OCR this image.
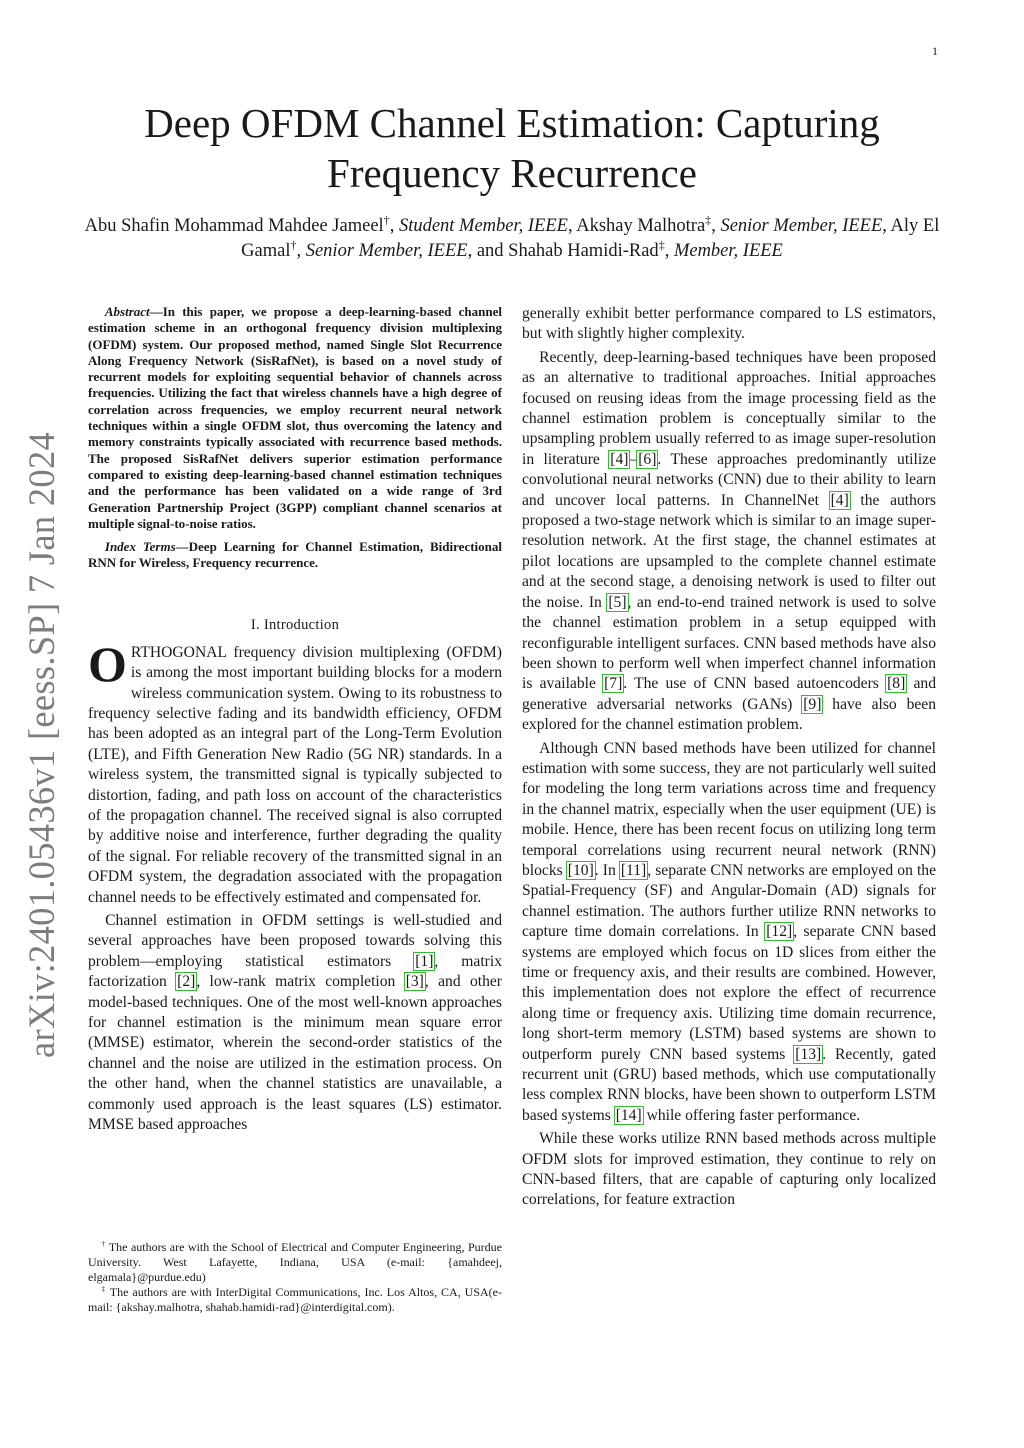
1
arXiv:2401.05436v1 [eess.SP] 7 Jan 2024
Deep OFDM Channel Estimation: Capturing
Frequency Recurrence
Abu Shafin Mohammad Mahdee Jameel†, Student Member, IEEE, Akshay Malhotra‡, Senior Member, IEEE, Aly El Gamal†, Senior Member, IEEE, and Shahab Hamidi-Rad‡, Member, IEEE

Abstract—In this paper, we propose a deep-learning-based channel estimation scheme in an orthogonal frequency division multiplexing (OFDM) system. Our proposed method, named Single Slot Recurrence Along Frequency Network (SisRafNet), is based on a novel study of recurrent models for exploiting sequential behavior of channels across frequencies. Utilizing the fact that wireless channels have a high degree of correlation across frequencies, we employ recurrent neural network techniques within a single OFDM slot, thus overcoming the latency and memory constraints typically associated with recurrence based methods. The proposed SisRafNet delivers superior estimation performance compared to existing deep-learning-based channel estimation techniques and the performance has been validated on a wide range of 3rd Generation Partnership Project (3GPP) compliant channel scenarios at multiple signal-to-noise ratios.

Index Terms—Deep Learning for Channel Estimation, Bidirectional RNN for Wireless, Frequency recurrence.

I. Introduction

ORTHOGONAL frequency division multiplexing (OFDM) is among the most important building blocks for a modern wireless communication system. Owing to its robustness to frequency selective fading and its bandwidth efficiency, OFDM has been adopted as an integral part of the Long-Term Evolution (LTE), and Fifth Generation New Radio (5G NR) standards. In a wireless system, the transmitted signal is typically subjected to distortion, fading, and path loss on account of the characteristics of the propagation channel. The received signal is also corrupted by additive noise and interference, further degrading the quality of the signal. For reliable recovery of the transmitted signal in an OFDM system, the degradation associated with the propagation channel needs to be effectively estimated and compensated for.

Channel estimation in OFDM settings is well-studied and several approaches have been proposed towards solving this problem—employing statistical estimators [1], matrix factorization [2], low-rank matrix completion [3], and other model-based techniques. One of the most well-known approaches for channel estimation is the minimum mean square error (MMSE) estimator, wherein the second-order statistics of the channel and the noise are utilized in the estimation process. On the other hand, when the channel statistics are unavailable, a commonly used approach is the least squares (LS) estimator. MMSE based approaches

† The authors are with the School of Electrical and Computer Engineering, Purdue University. West Lafayette, Indiana, USA (e-mail: {amahdeej, elgamala}@purdue.edu)

‡ The authors are with InterDigital Communications, Inc. Los Altos, CA, USA(e-mail: {akshay.malhotra, shahab.hamidi-rad}@interdigital.com).

generally exhibit better performance compared to LS estimators, but with slightly higher complexity.

Recently, deep-learning-based techniques have been proposed as an alternative to traditional approaches. Initial approaches focused on reusing ideas from the image processing field as the channel estimation problem is conceptually similar to the upsampling problem usually referred to as image super-resolution in literature [4]–[6]. These approaches predominantly utilize convolutional neural networks (CNN) due to their ability to learn and uncover local patterns. In ChannelNet [4] the authors proposed a two-stage network which is similar to an image super-resolution network. At the first stage, the channel estimates at pilot locations are upsampled to the complete channel estimate and at the second stage, a denoising network is used to filter out the noise. In [5], an end-to-end trained network is used to solve the channel estimation problem in a setup equipped with reconfigurable intelligent surfaces. CNN based methods have also been shown to perform well when imperfect channel information is available [7]. The use of CNN based autoencoders [8] and generative adversarial networks (GANs) [9] have also been explored for the channel estimation problem.

Although CNN based methods have been utilized for channel estimation with some success, they are not particularly well suited for modeling the long term variations across time and frequency in the channel matrix, especially when the user equipment (UE) is mobile. Hence, there has been recent focus on utilizing long term temporal correlations using recurrent neural network (RNN) blocks [10]. In [11], separate CNN networks are employed on the Spatial-Frequency (SF) and Angular-Domain (AD) signals for channel estimation. The authors further utilize RNN networks to capture time domain correlations. In [12], separate CNN based systems are employed which focus on 1D slices from either the time or frequency axis, and their results are combined. However, this implementation does not explore the effect of recurrence along time or frequency axis. Utilizing time domain recurrence, long short-term memory (LSTM) based systems are shown to outperform purely CNN based systems [13]. Recently, gated recurrent unit (GRU) based methods, which use computationally less complex RNN blocks, have been shown to outperform LSTM based systems [14] while offering faster performance.

While these works utilize RNN based methods across multiple OFDM slots for improved estimation, they continue to rely on CNN-based filters, that are capable of capturing only localized correlations, for feature extraction
